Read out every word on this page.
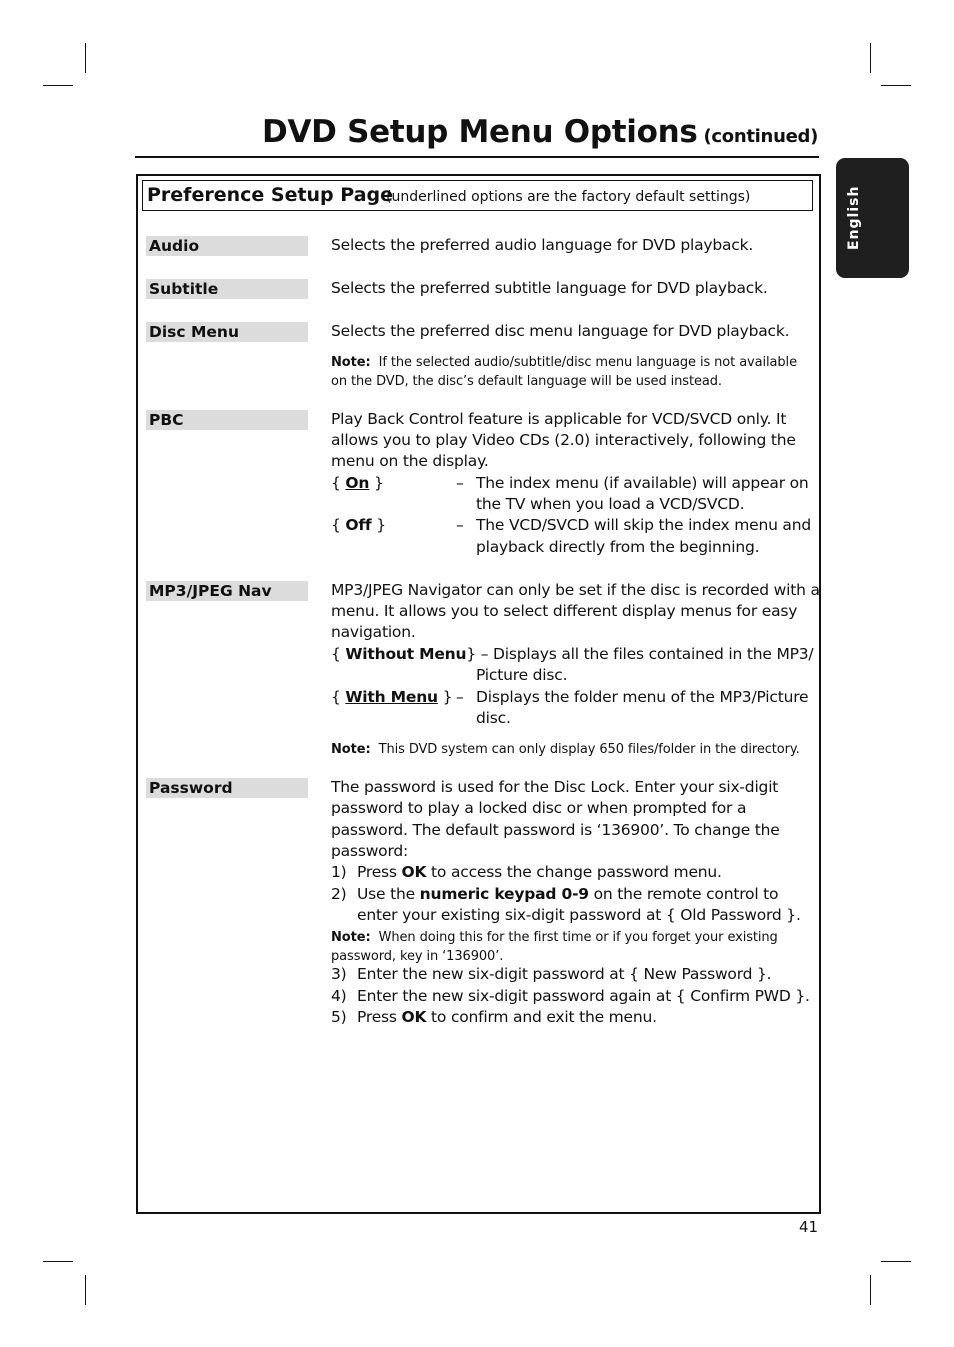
DVD Setup Menu Options (continued)
English
Preference Setup Page
(underlined options are the factory default settings)
Audio	Selects the preferred audio language for DVD playback.
Subtitle	Selects the preferred subtitle language for DVD playback.
Disc Menu	Selects the preferred disc menu language for DVD playback.
Note: If the selected audio/subtitle/disc menu language is not available
on the DVD, the disc’s default language will be used instead.
PBC	Play Back Control feature is applicable for VCD/SVCD only. It
allows you to play Video CDs (2.0) interactively, following the
menu on the display.
{ On }	– The index menu (if available) will appear on
the TV when you load a VCD/SVCD.
{ Off }	– The VCD/SVCD will skip the index menu and
playback directly from the beginning.
MP3/JPEG Nav	MP3/JPEG Navigator can only be set if the disc is recorded with a
menu. It allows you to select different display menus for easy
navigation.
{ Without Menu} – Displays all the files contained in the MP3/
Picture disc.
{ With Menu } – Displays the folder menu of the MP3/Picture
disc.
Note: This DVD system can only display 650 files/folder in the directory.
Password	The password is used for the Disc Lock. Enter your six-digit
password to play a locked disc or when prompted for a
password. The default password is ‘136900’. To change the
password:
1) Press OK to access the change password menu.
2) Use the numeric keypad 0-9 on the remote control to
enter your existing six-digit password at { Old Password }.
Note: When doing this for the first time or if you forget your existing
password, key in ‘136900’.
3) Enter the new six-digit password at { New Password }.
4) Enter the new six-digit password again at { Confirm PWD }.
5) Press OK to confirm and exit the menu.
41
